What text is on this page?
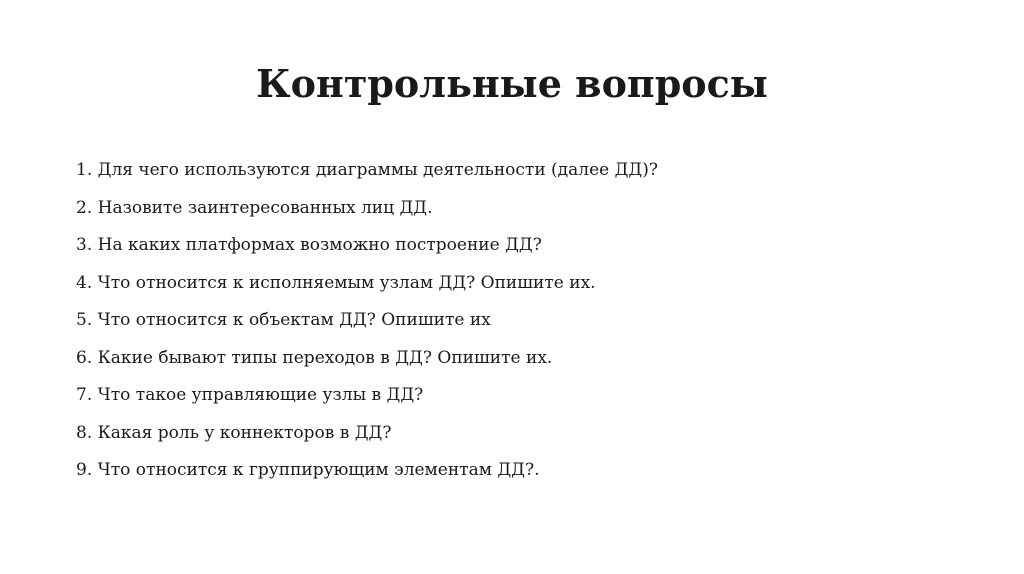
Контрольные вопросы
1. Для чего используются диаграммы деятельности (далее ДД)?
2. Назовите заинтересованных лиц ДД.
3. На каких платформах возможно построение ДД?
4. Что относится к исполняемым узлам ДД? Опишите их.
5. Что относится к объектам ДД? Опишите их
6. Какие бывают типы переходов в ДД? Опишите их.
7. Что такое управляющие узлы в ДД?
8. Какая роль у коннекторов в ДД?
9. Что относится к группирующим элементам ДД?.
